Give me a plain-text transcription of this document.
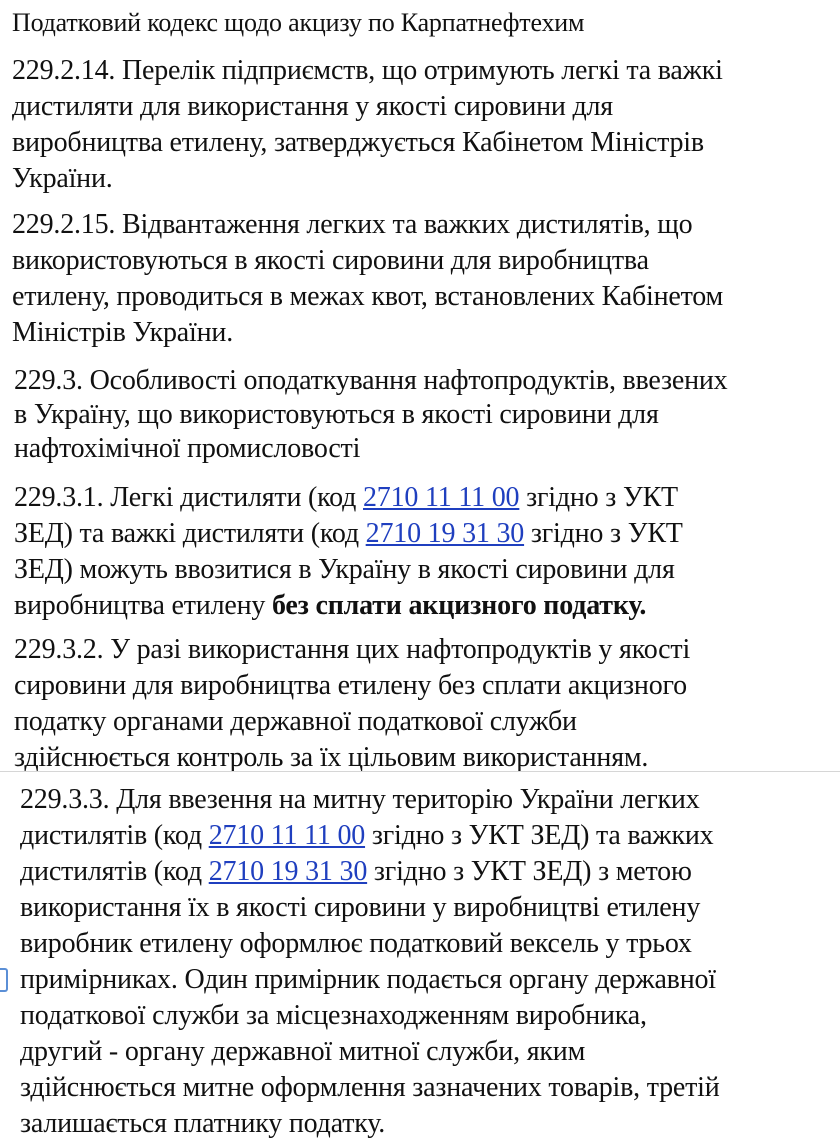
Податковий кодекс щодо акцизу по Карпатнефтехим
229.2.14. Перелік підприємств, що отримують легкі та важкі
дистиляти для використання у якості сировини для
виробництва етилену, затверджується Кабінетом Міністрів
України.
229.2.15. Відвантаження легких та важких дистилятів, що
використовуються в якості сировини для виробництва
етилену, проводиться в межах квот, встановлених Кабінетом
Міністрів України.
229.3. Особливості оподаткування нафтопродуктів, ввезених
в Україну, що використовуються в якості сировини для
нафтохімічної промисловості
229.3.1. Легкі дистиляти (код 2710 11 11 00 згідно з УКТ
ЗЕД) та важкі дистиляти (код 2710 19 31 30 згідно з УКТ
ЗЕД) можуть ввозитися в Україну в якості сировини для
виробництва етилену без сплати акцизного податку.
229.3.2. У разі використання цих нафтопродуктів у якості
сировини для виробництва етилену без сплати акцизного
податку органами державної податкової служби
здійснюється контроль за їх цільовим використанням.
229.3.3. Для ввезення на митну територію України легких
дистилятів (код 2710 11 11 00 згідно з УКТ ЗЕД) та важких
дистилятів (код 2710 19 31 30 згідно з УКТ ЗЕД) з метою
використання їх в якості сировини у виробництві етилену
виробник етилену оформлює податковий вексель у трьох
примірниках. Один примірник подається органу державної
податкової служби за місцезнаходженням виробника,
другий - органу державної митної служби, яким
здійснюється митне оформлення зазначених товарів, третій
залишається платнику податку.
